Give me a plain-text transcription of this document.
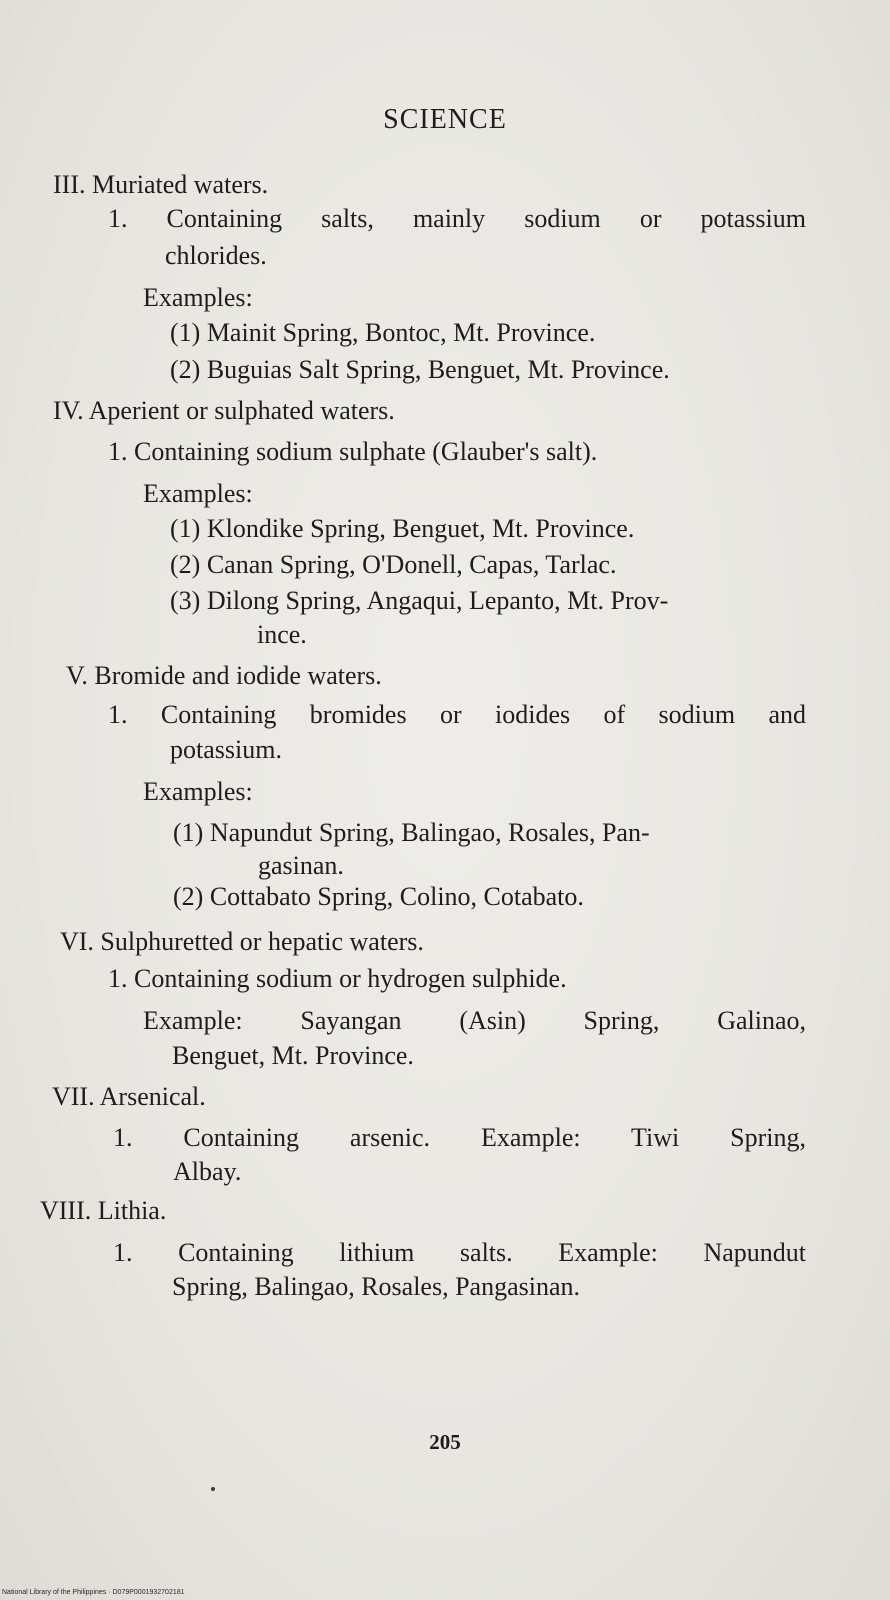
SCIENCE
III. Muriated waters.
1. Containing salts, mainly sodium or potassium
chlorides.
Examples:
(1) Mainit Spring, Bontoc, Mt. Province.
(2) Buguias Salt Spring, Benguet, Mt. Province.
IV. Aperient or sulphated waters.
1. Containing sodium sulphate (Glauber's salt).
Examples:
(1) Klondike Spring, Benguet, Mt. Province.
(2) Canan Spring, O'Donell, Capas, Tarlac.
(3) Dilong Spring, Angaqui, Lepanto, Mt. Prov-
ince.
V. Bromide and iodide waters.
1. Containing bromides or iodides of sodium and
potassium.
Examples:
(1) Napundut Spring, Balingao, Rosales, Pan-
gasinan.
(2) Cottabato Spring, Colino, Cotabato.
VI. Sulphuretted or hepatic waters.
1. Containing sodium or hydrogen sulphide.
Example: Sayangan (Asin) Spring, Galinao,
Benguet, Mt. Province.
VII. Arsenical.
1. Containing arsenic. Example: Tiwi Spring,
Albay.
VIII. Lithia.
1. Containing lithium salts. Example: Napundut
Spring, Balingao, Rosales, Pangasinan.
205
National Library of the Philippines · D079P0001932702181
